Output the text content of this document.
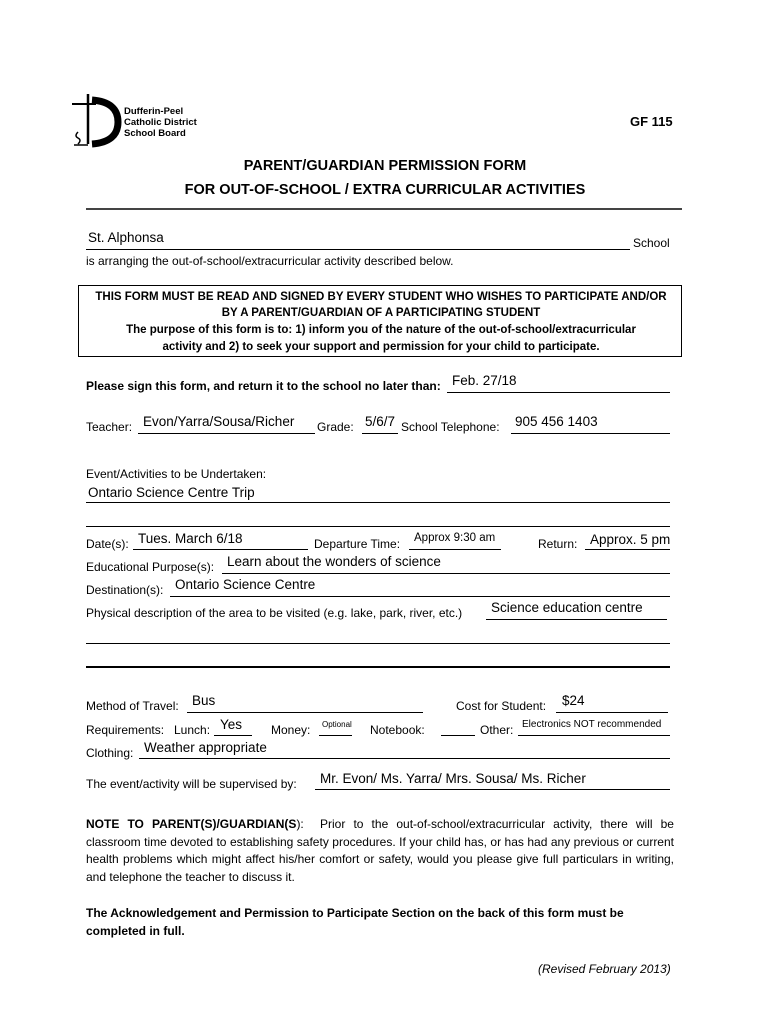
Dufferin-Peel
Catholic District
School Board
GF 115
PARENT/GUARDIAN PERMISSION FORM
FOR OUT-OF-SCHOOL / EXTRA CURRICULAR ACTIVITIES
St. Alphonsa	School
is arranging the out-of-school/extracurricular activity described below.
THIS FORM MUST BE READ AND SIGNED BY EVERY STUDENT WHO WISHES TO PARTICIPATE AND/OR
BY A PARENT/GUARDIAN OF A PARTICIPATING STUDENT
The purpose of this form is to: 1) inform you of the nature of the out-of-school/extracurricular
activity and 2) to seek your support and permission for your child to participate.
Please sign this form, and return it to the school no later than: Feb. 27/18
Teacher: Evon/Yarra/Sousa/Richer Grade: 5/6/7 School Telephone: 905 456 1403
Event/Activities to be Undertaken:
Ontario Science Centre Trip
Date(s): Tues. March 6/18	Departure Time: Approx 9:30 am	Return: Approx. 5 pm
Educational Purpose(s): Learn about the wonders of science
Destination(s): Ontario Science Centre
Physical description of the area to be visited (e.g. lake, park, river, etc.) Science education centre
Method of Travel: Bus	Cost for Student: $24
Requirements: Lunch: Yes Money: Optional Notebook:	Other: Electronics NOT recommended
Clothing: Weather appropriate
The event/activity will be supervised by: Mr. Evon/ Ms. Yarra/ Mrs. Sousa/ Ms. Richer
NOTE TO PARENT(S)/GUARDIAN(S): Prior to the out-of-school/extracurricular activity, there will be classroom time devoted to establishing safety procedures. If your child has, or has had any previous or current health problems which might affect his/her comfort or safety, would you please give full particulars in writing, and telephone the teacher to discuss it.
The Acknowledgement and Permission to Participate Section on the back of this form must be completed in full.
(Revised February 2013)
